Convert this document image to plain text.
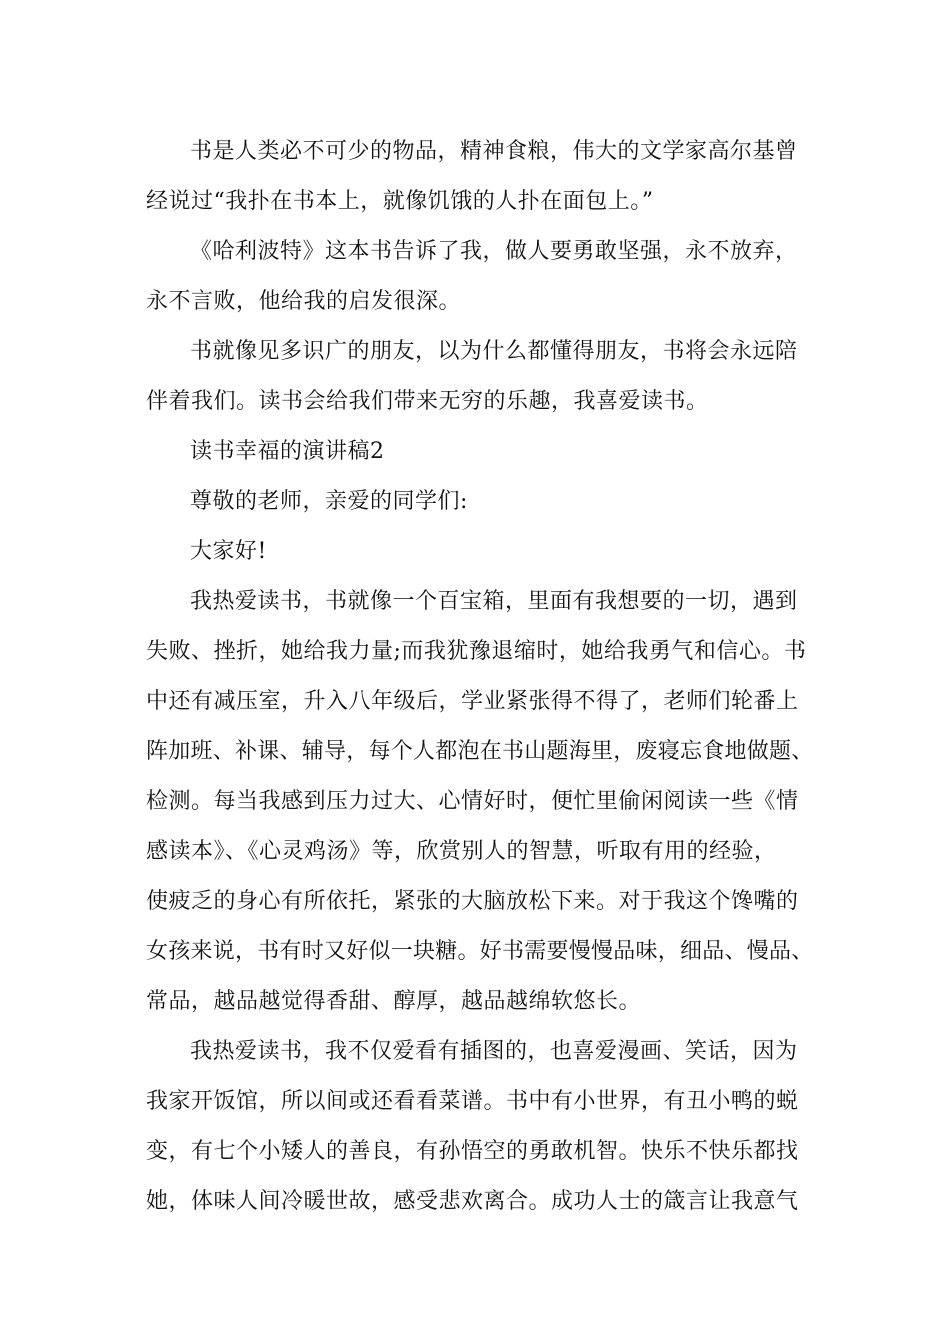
书是人类必不可少的物品，精神食粮，伟大的文学家高尔基曾
经说过“我扑在书本上，就像饥饿的人扑在面包上。”
《哈利波特》这本书告诉了我，做人要勇敢坚强，永不放弃，
永不言败，他给我的启发很深。
书就像见多识广的朋友，以为什么都懂得朋友，书将会永远陪
伴着我们。读书会给我们带来无穷的乐趣，我喜爱读书。
读书幸福的演讲稿2
尊敬的老师，亲爱的同学们:
大家好!
我热爱读书，书就像一个百宝箱，里面有我想要的一切，遇到
失败、挫折，她给我力量;而我犹豫退缩时，她给我勇气和信心。书
中还有减压室，升入八年级后，学业紧张得不得了，老师们轮番上
阵加班、补课、辅导，每个人都泡在书山题海里，废寝忘食地做题、
检测。每当我感到压力过大、心情好时，便忙里偷闲阅读一些《情
感读本》、《心灵鸡汤》等，欣赏别人的智慧，听取有用的经验，
使疲乏的身心有所依托，紧张的大脑放松下来。对于我这个馋嘴的
女孩来说，书有时又好似一块糖。好书需要慢慢品味，细品、慢品、
常品，越品越觉得香甜、醇厚，越品越绵软悠长。
我热爱读书，我不仅爱看有插图的，也喜爱漫画、笑话，因为
我家开饭馆，所以间或还看看菜谱。书中有小世界，有丑小鸭的蜕
变，有七个小矮人的善良，有孙悟空的勇敢机智。快乐不快乐都找
她，体味人间冷暖世故，感受悲欢离合。成功人士的箴言让我意气
